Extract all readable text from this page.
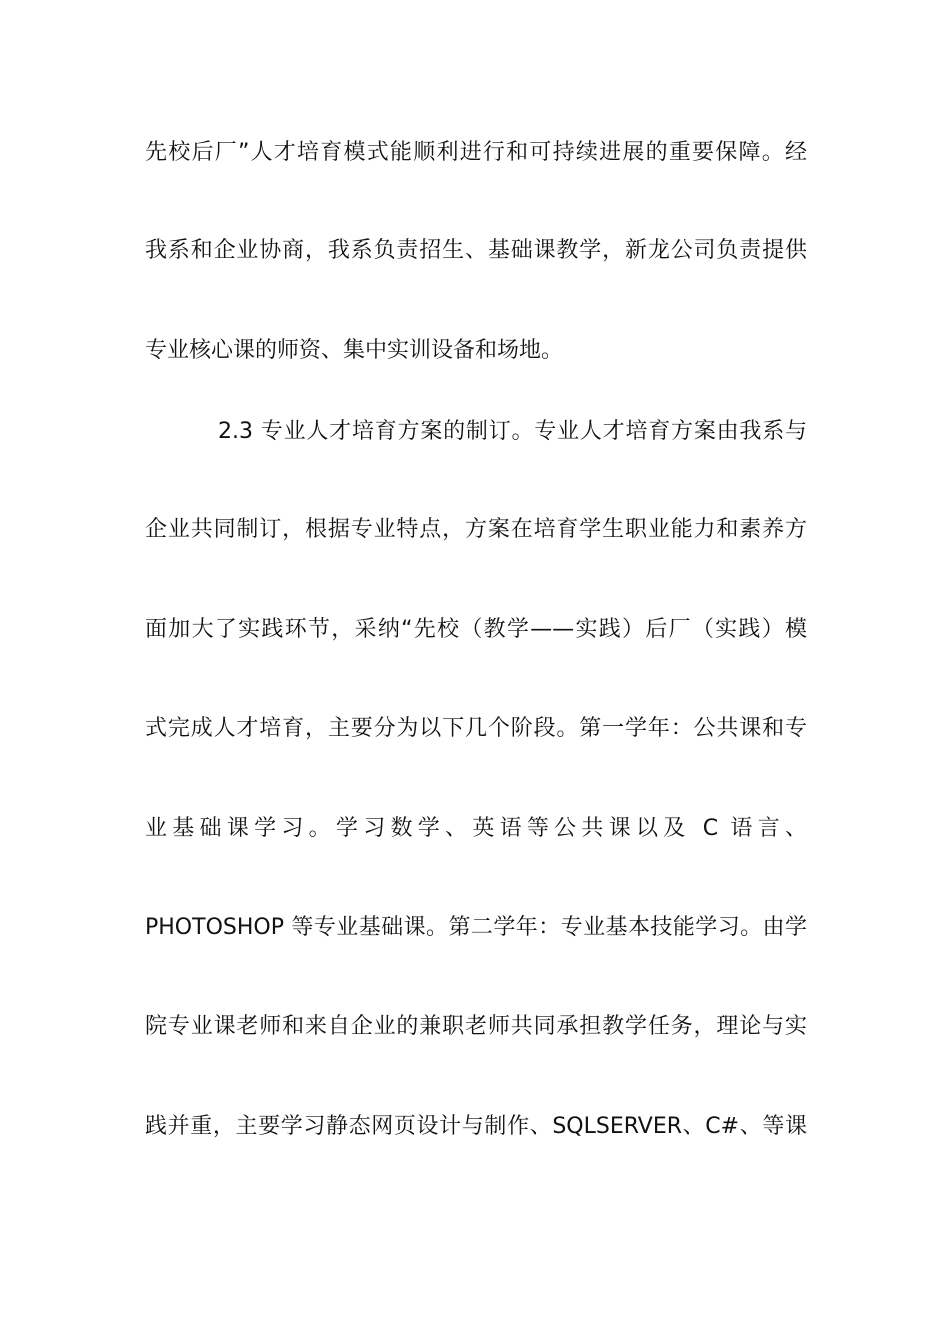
先校后厂”人才培育模式能顺利进行和可持续进展的重要保障。经
我系和企业协商，我系负责招生、基础课教学，新龙公司负责提供
专业核心课的师资、集中实训设备和场地。
2.3 专业人才培育方案的制订。专业人才培育方案由我系与
企业共同制订，根据专业特点，方案在培育学生职业能力和素养方
面加大了实践环节，采纳“先校（教学——实践）后厂（实践）模
式完成人才培育，主要分为以下几个阶段。第一学年：公共课和专
业基础课学习。学习数学、英语等公共课以及 C 语言、
PHOTOSHOP 等专业基础课。第二学年：专业基本技能学习。由学
院专业课老师和来自企业的兼职老师共同承担教学任务，理论与实
践并重，主要学习静态网页设计与制作、SQLSERVER、C#、等课
